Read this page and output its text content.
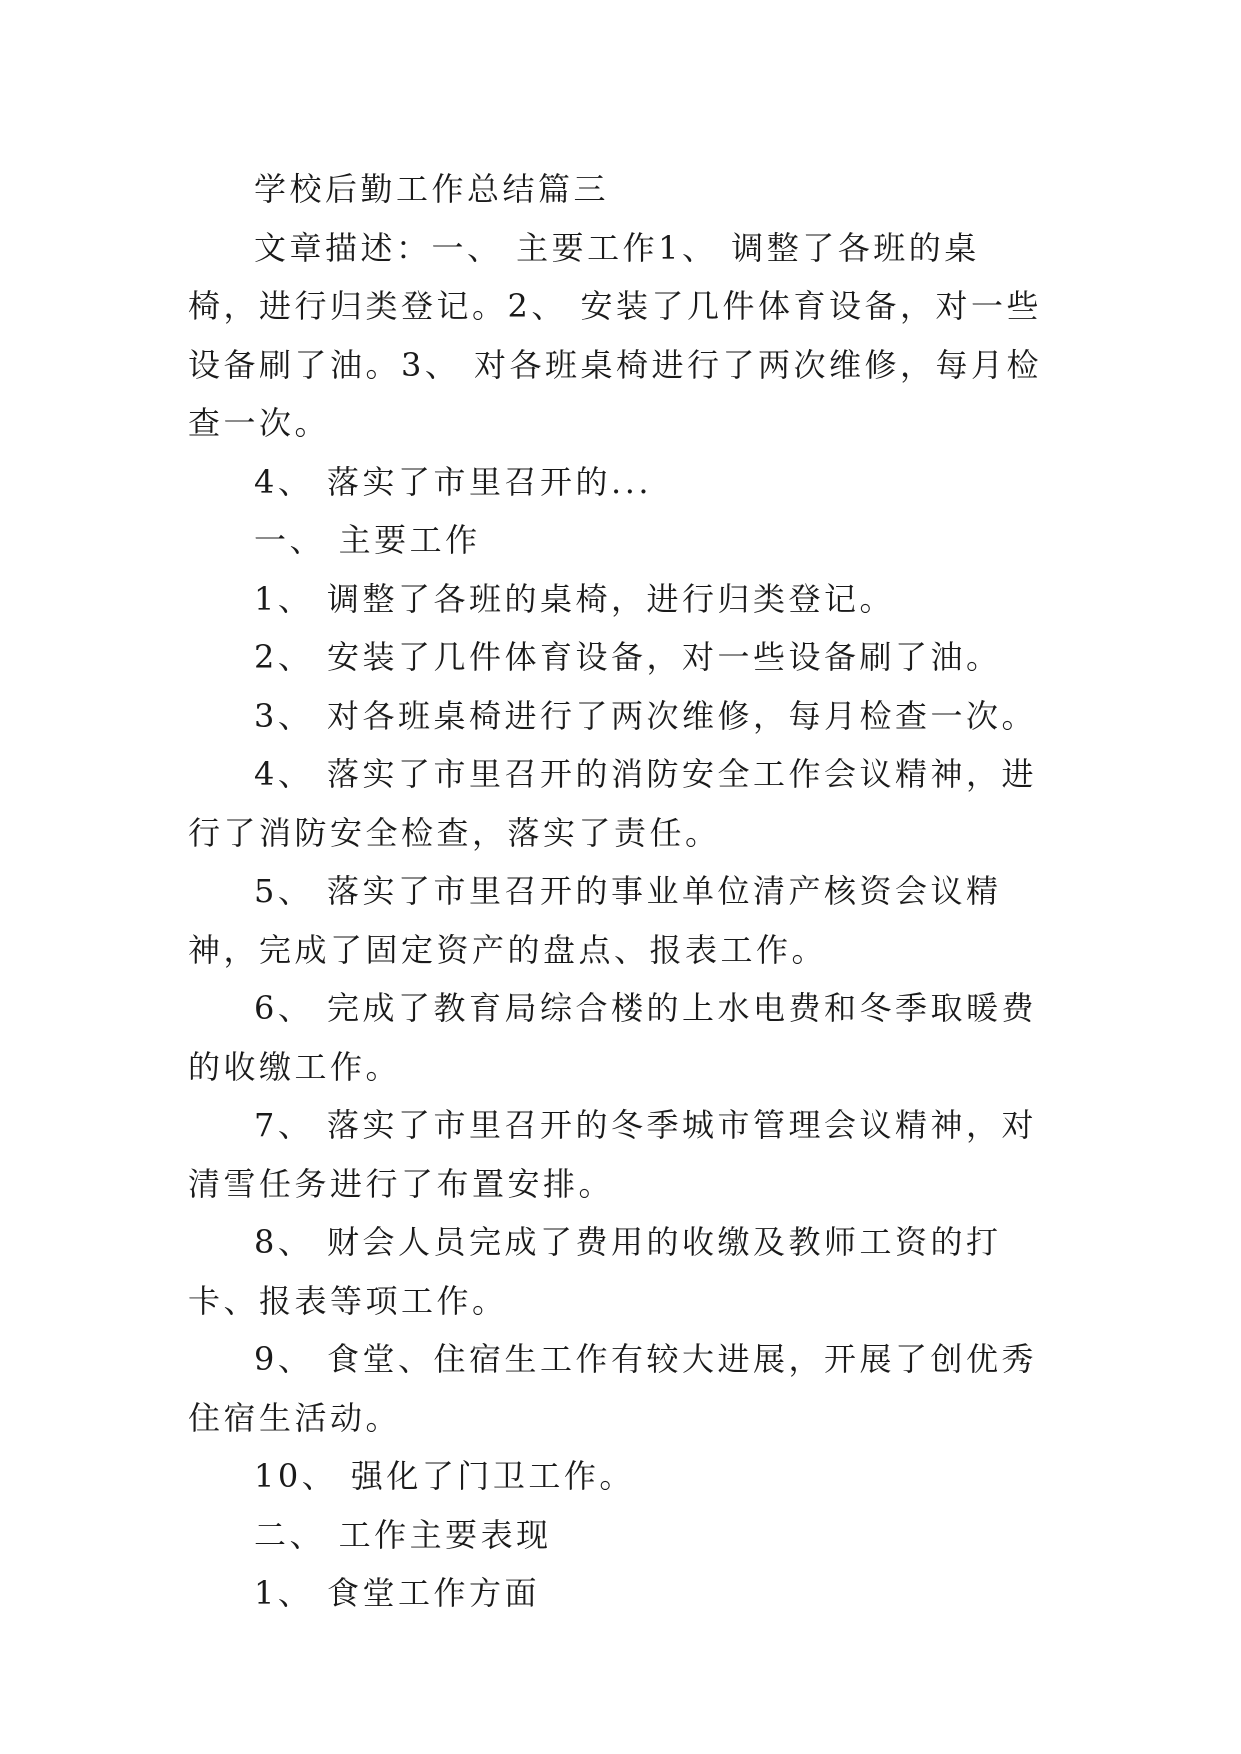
学校后勤工作总结篇三

文章描述：一、 主要工作1、 调整了各班的桌椅，进行归类登记。2、 安装了几件体育设备，对一些设备刷了油。3、 对各班桌椅进行了两次维修，每月检查一次。

4、 落实了市里召开的...

一、 主要工作

1、 调整了各班的桌椅，进行归类登记。

2、 安装了几件体育设备，对一些设备刷了油。

3、 对各班桌椅进行了两次维修，每月检查一次。

4、 落实了市里召开的消防安全工作会议精神，进行了消防安全检查，落实了责任。

5、 落实了市里召开的事业单位清产核资会议精神，完成了固定资产的盘点、报表工作。

6、 完成了教育局综合楼的上水电费和冬季取暖费的收缴工作。

7、 落实了市里召开的冬季城市管理会议精神，对清雪任务进行了布置安排。

8、 财会人员完成了费用的收缴及教师工资的打卡、报表等项工作。

9、 食堂、住宿生工作有较大进展，开展了创优秀住宿生活动。

10、 强化了门卫工作。

二、 工作主要表现

1、 食堂工作方面
